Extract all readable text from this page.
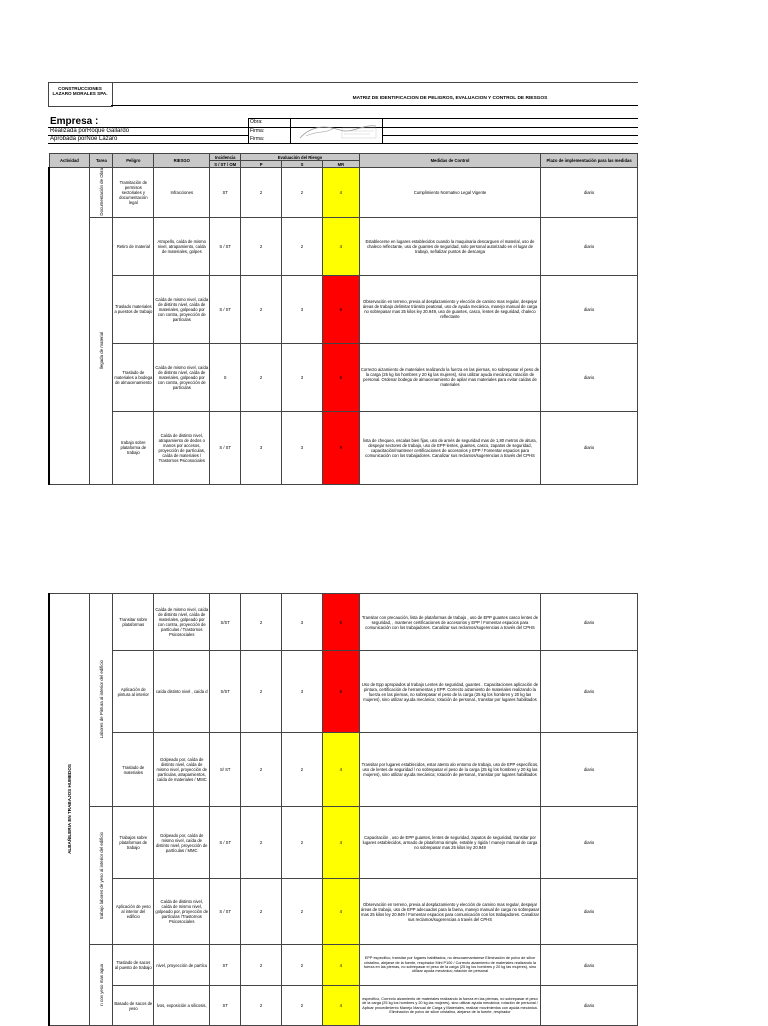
CONSTRUCCIONES LAZARO MORALES SPA.
MATRIZ DE IDENTIFICACION DE PELIGROS, EVALUACION Y CONTROL DE RIESGOS
Empresa :
Realizada porRoque Gallardo
Aprobada porNoe Lázaro
Obra:
Firma:
Firma:
Actividad	Tarea	Peligro	RIESGO	Incidencia	Evaluación del Riesgo			Medidas de Control	Plazo de implementación para las medidas
				S / ST / OM	P	S	MR		
	Documentación de Obra	Tramitación de permisos sectoriales y documentación legal	Infracciones	ST	2	2	4	Cumplimiento Normativo Legal Vigente	diario
	llegada de material	Retiro de material	Atropello, caída de mismo nivel, atrapamiento, caída de materiales, golpes	S / ST	2	2	4	Establecerse en lugares establecidos cuando la maquinaria descarguen el material, uso de chaleco reflectante, uso de guantes de seguridad, solo personal autorizado en el lugar de trabajo, señalizar puntos de descarga	diario
		Traslado materiales a puestos de trabajo	Caída de mismo nivel, caída de distinto nivel, caída de materiales, golpeado por con contra, proyección de partículas	S / ST	2	3	6	Observación en terreno, previa al desplazamiento y elección de camino mas regular, despejar áreas de trabajo delimitar tránsito peatonal, uso de ayuda mecánica, manejo manual de carga no sobrepasar mas 25 kilos ley 20.949, uso de guantes, casco, lentes de seguridad, chaleco reflectante	diario
		Traslado de materiales a bodega de almacenamiento	Caída de mismo nivel, caída de distinto nivel, caída de materiales, golpeado por con contra, proyección de partículas	S	2	3	6	Correcto aizamiento de materiales realizando la fuerza en las piernas, no sobrepasar el peso de la carga (25 kg los hombres y 20 kg las mujeres), sino utilizar ayuda mecánica; rotación de personal. Ordenar bodega de almacenamiento de apilar mas materiales para evitar caídas de materiales	diario
		trabajo sobre plataforma de trabajo	Caída de distinto nivel, atrapamiento de dedos o manos por accesos, proyección de partículas, caída de materiales / Trastornos Psicosociales	S / ST	3	3	9	lista de chequeo, escalas bien fijas, uso de arnés de seguridad mas de 1,80 metros de altura, despejar sectores de trabajo, uso de EPP lentes, guantes, casco, zapatos de seguridad, capacitación/mantener certificaciones de accesorios y EPP / Fomentar espacios para comunicación con los trabajadores. Canalizar sus reclamos/sugerencias a través del CPHS	diario
ALBAÑILERIA EN TRABAJOS HUMEDOS	Labores de Pintura al interior del edificio	Transitar sobre plataformas	Caída de mismo nivel, caída de distinto nivel, caída de materiales, golpeado por con contra, proyección de partículas / Trastornos Psicosociales	S/ST	2	3	6	Transitar con precaución, lista de plataformas de trabajo , uso de EPP guantes casco lentes de seguridad, , mantener certificaciones de accesorios y EPP / Fomentar espacios para comunicación con los trabajadores. Canalizar sus reclamos/sugerencias a través del CPHS	diario
		Aplicación de pintura al interior	caída distinto nivel , caída d	S/ST	2	3	6	Uso de Epp apropiados al trabajo Lentes de seguridad, guantes . Capacitaciones aplicación de pintura, certificación de herramientas y EPP. Correcto aizamiento de materiales realizando la fuerza en las piernas, no sobrepasar el peso de la carga (25 kg los hombres y 20 kg las mujeres), sino utilizar ayuda mecánica; rotación de personal., transitar por lugares habilitados	diario
		Traslado de materiales	Golpeado por, caída de distinto nivel, caída de mismo nivel, proyección de partículas, atrapamientos, caída de materiales / MMC	S/ ST	2	2	4	Transitar por lugares establecidos, estar atento alo entorno de trabajo, uso de EPP especificos, uso de lentes de seguridad / no sobrepasar el peso de la carga (25 kg los hombres y 20 kg las mujeres), sino utilizar ayuda mecánica; rotación de personal., transitar por lugares habilitados	diario
	trabajo labores de yeso al interior del edificio	Trabajos sobre plataformas de trabajo	Golpeado por, caída de mismo nivel, caída de distinto nivel, proyección de partículas / MMC	S / ST	2	2	4	Capacitación , uso de EPP guantes, lentes de seguridad, zapatos de seguridad, transitar por lugares establecidos, armado de plataforma simple, estable y rigida / manejo manual de carga no sobrepasar mas 25 kilos ley 20.949	diario
		Aplicación de yeso al interior del edificio	Caída de distinto nivel, caída de mismo nivel, golpeado por, proyección de partículas /Trastornos Psicosociales	S / ST	2	2	4	Observación en terreno, previa al desplazamiento y elección de camino mas regular, despejar áreas de trabajo, uso de EPP adecuados para la faena, manejo manual de carga no sobrepasar mas 25 kilos ley 20.949 / Fomentar espacios para comunicación con los trabajadores. Canalizar sus reclamos/sugerencias a través del CPHS	diario
	n con yeso mas agua	Traslado de sacos al puesto de trabajo	nivel, proyección de partícu	ST	2	2	4	EPP especifico, transitar por lugares habilitados, no descoarmantarnse Eliminación de polvo de sílice cristalino, alejarse de la fuente, respirador Mini P100 / Correcto aizamiento de materiales realizando la fuerza en las piernas, no sobrepasar el peso de la carga (25 kg los hombres y 20 kg las mujeres), sino utilizar ayuda mecánica; rotación de personal	diario
		Basado de sacos de yeso	lvos, exposición a silicosis,	ST	2	2	4	especifico, Correcto aizamiento de materiales realizando la fuerza en las piernas, no sobrepasar el peso de la carga (25 kg los hombres y 20 kg las mujeres), sino utilizar ayuda mecánica; rotación de personal / Aplicar procedimiento Manejo Manual de Carga y Materiales, realizar movimientos con ayuda mecánica. Eliminación de polvo de sílice cristalino, alejarse de la fuente, respirador	diario
